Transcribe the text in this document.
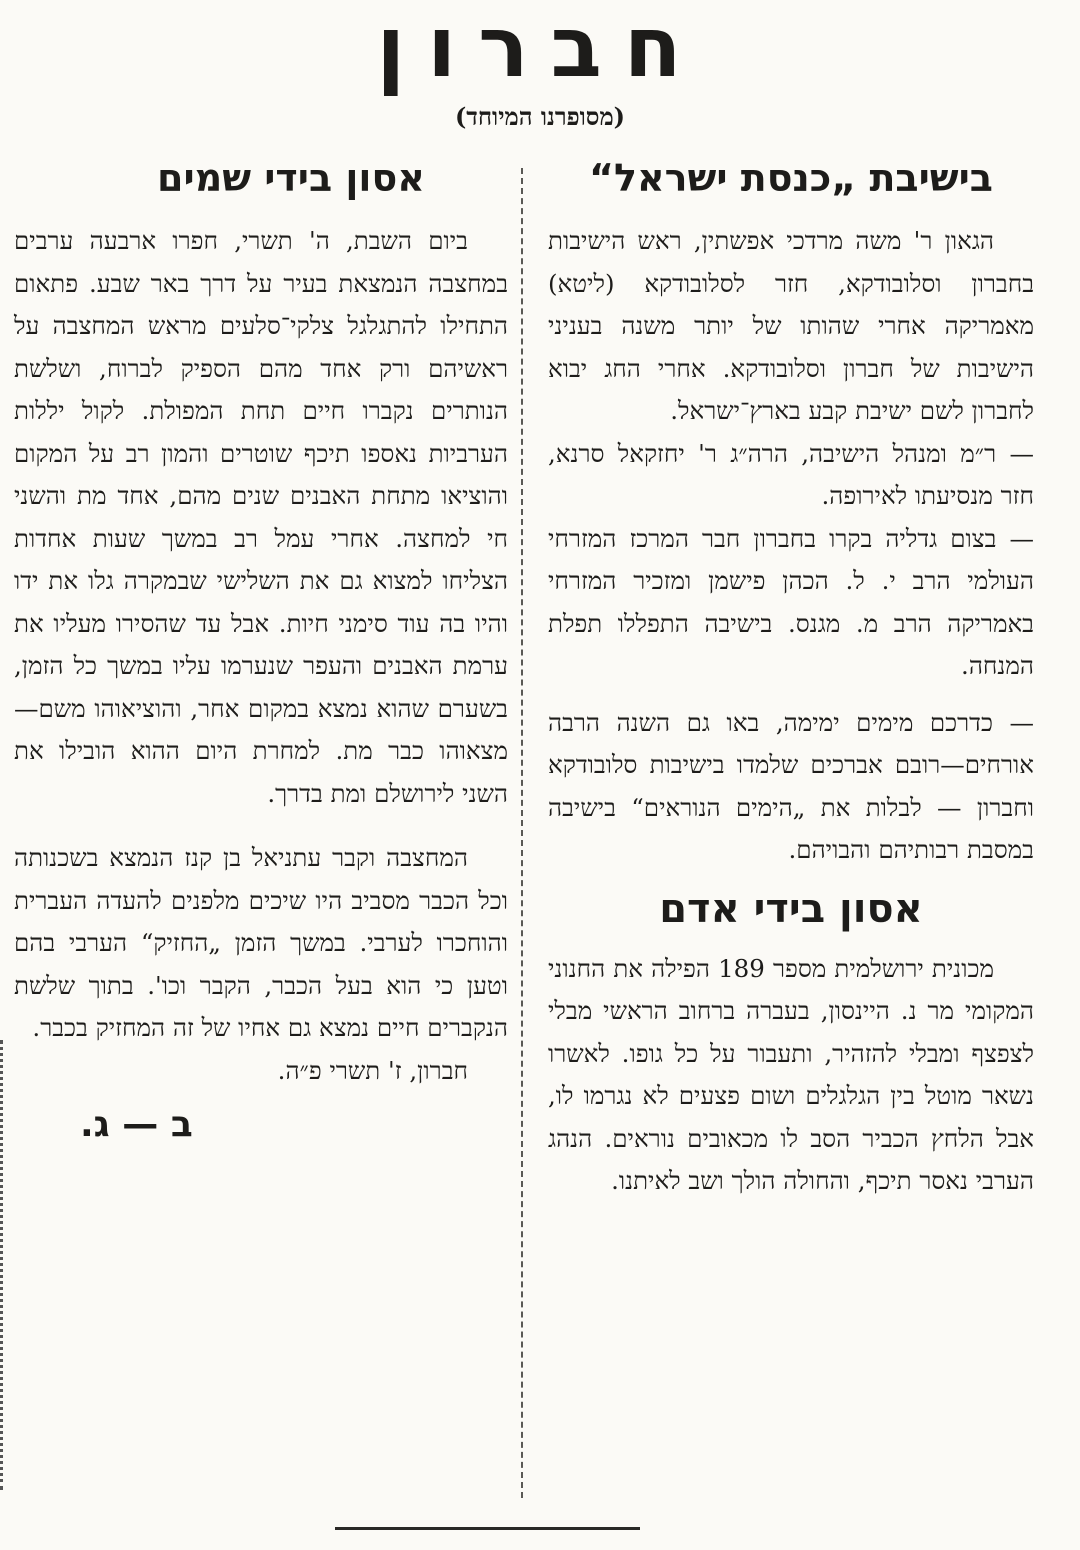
חברון
(מסופרנו המיוחד)
בישיבת „כנסת ישראל“

הגאון ר' משה מרדכי אפשתין, ראש הישיבות בחברון וסלובודקא, חזר לסלובודקא (ליטא) מאמריקה אחרי שהותו של יותר משנה בעניני הישיבות של חברון וסלובודקא. אחרי החג יבוא לחברון לשם ישיבת קבע בארץ־ישראל.

— ר״מ ומנהל הישיבה, הרה״ג ר' יחזקאל סרנא, חזר מנסיעתו לאירופה.

— בצום גדליה בקרו בחברון חבר המרכז המזרחי העולמי הרב י. ל. הכהן פישמן ומזכיר המזרחי באמריקה הרב מ. מגנס. בישיבה התפללו תפלת המנחה.

— כדרכם מימים ימימה, באו גם השנה הרבה אורחים—רובם אברכים שלמדו בישיבות סלובודקא וחברון — לבלות את „הימים הנוראים“ בישיבה במסבת רבותיהם והבויהם.

אסון בידי אדם

מכונית ירושלמית מספר 189 הפילה את החנוני המקומי מר נ. היינסון, בעברה ברחוב הראשי מבלי לצפצף ומבלי להזהיר, ותעבור על כל גופו. לאשרו נשאר מוטל בין הגלגלים ושום פצעים לא נגרמו לו, אבל הלחץ הכביר הסב לו מכאובים נוראים. הנהג הערבי נאסר תיכף, והחולה הולך ושב לאיתנו.

אסון בידי שמים

ביום השבת, ה' תשרי, חפרו ארבעה ערבים במחצבה הנמצאת בעיר על דרך באר שבע. פתאום התחילו להתגלגל צלקי־סלעים מראש המחצבה על ראשיהם ורק אחד מהם הספיק לברוח, ושלשת הנותרים נקברו חיים תחת המפולת. לקול יללות הערביות נאספו תיכף שוטרים והמון רב על המקום והוציאו מתחת האבנים שנים מהם, אחד מת והשני חי למחצה. אחרי עמל רב במשך שעות אחדות הצליחו למצוא גם את השלישי שבמקרה גלו את ידו והיו בה עוד סימני חיות. אבל עד שהסירו מעליו את ערמת האבנים והעפר שנערמו עליו במשך כל הזמן, בשערם שהוא נמצא במקום אחר, והוציאוהו משם—מצאוהו כבר מת. למחרת היום ההוא הובילו את השני לירושלם ומת בדרך.

המחצבה וקבר עתניאל בן קנז הנמצא בשכנותה וכל הכבר מסביב היו שיכים מלפנים להעדה העברית והוחכרו לערבי. במשך הזמן „החזיק“ הערבי בהם וטען כי הוא בעל הכבר, הקבר וכו'. בתוך שלשת הנקברים חיים נמצא גם אחיו של זה המחזיק בכבר.

חברון, ז' תשרי פ״ה.

ב — ג.
